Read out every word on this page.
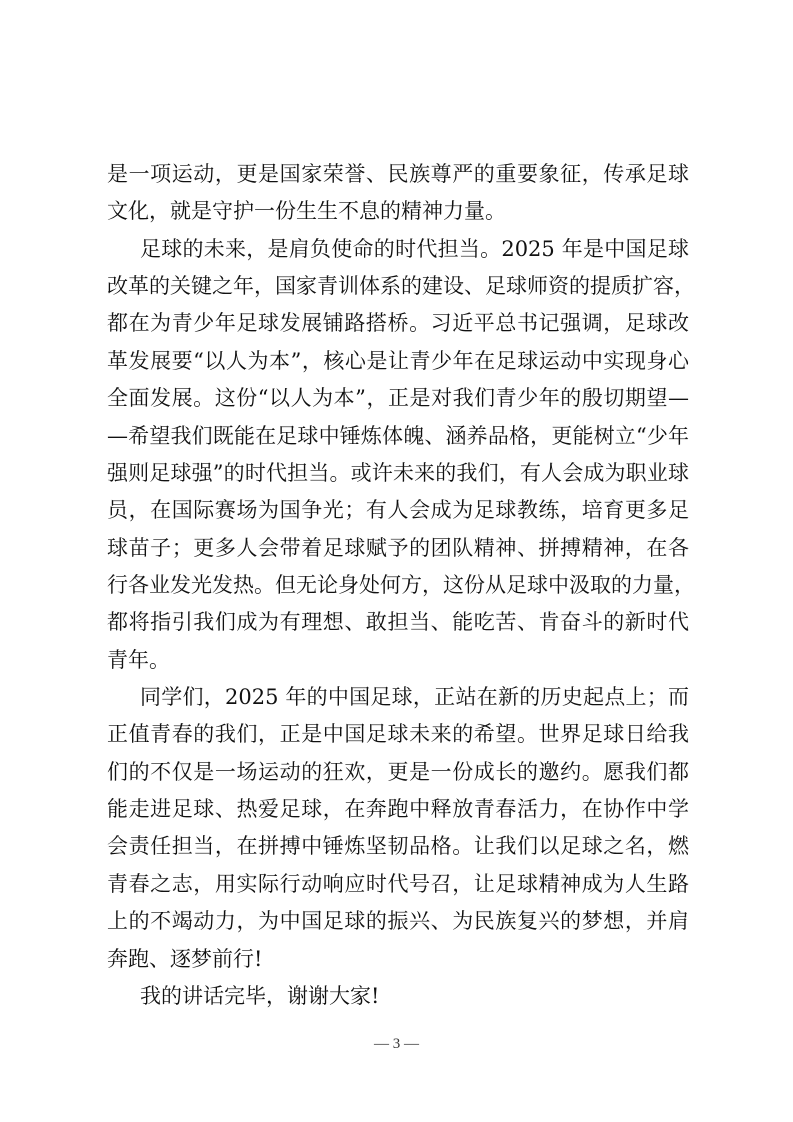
是一项运动，更是国家荣誉、民族尊严的重要象征，传承足球
文化，就是守护一份生生不息的精神力量。
足球的未来，是肩负使命的时代担当。2025 年是中国足球
改革的关键之年，国家青训体系的建设、足球师资的提质扩容，
都在为青少年足球发展铺路搭桥。习近平总书记强调，足球改
革发展要“以人为本”，核心是让青少年在足球运动中实现身心
全面发展。这份“以人为本”，正是对我们青少年的殷切期望—
—希望我们既能在足球中锤炼体魄、涵养品格，更能树立“少年
强则足球强”的时代担当。或许未来的我们，有人会成为职业球
员，在国际赛场为国争光；有人会成为足球教练，培育更多足
球苗子；更多人会带着足球赋予的团队精神、拼搏精神，在各
行各业发光发热。但无论身处何方，这份从足球中汲取的力量，
都将指引我们成为有理想、敢担当、能吃苦、肯奋斗的新时代
青年。
同学们，2025 年的中国足球，正站在新的历史起点上；而
正值青春的我们，正是中国足球未来的希望。世界足球日给我
们的不仅是一场运动的狂欢，更是一份成长的邀约。愿我们都
能走进足球、热爱足球，在奔跑中释放青春活力，在协作中学
会责任担当，在拼搏中锤炼坚韧品格。让我们以足球之名，燃
青春之志，用实际行动响应时代号召，让足球精神成为人生路
上的不竭动力，为中国足球的振兴、为民族复兴的梦想，并肩
奔跑、逐梦前行!
我的讲话完毕，谢谢大家!
— 3 —
